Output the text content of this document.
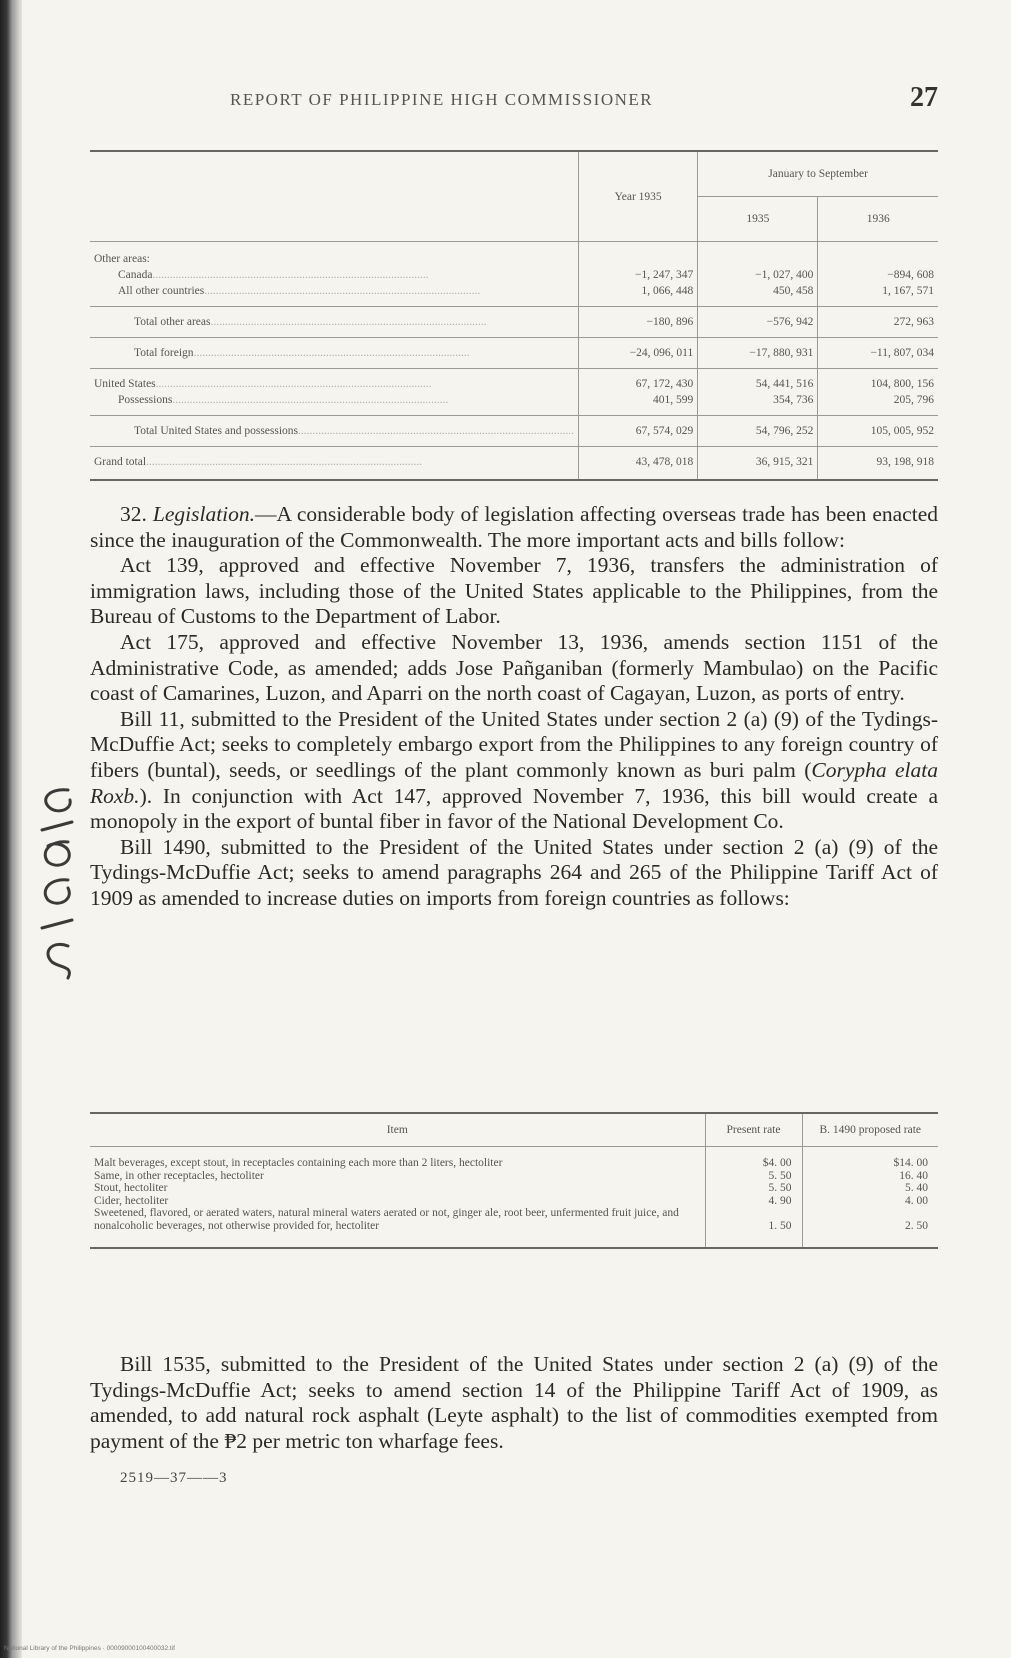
REPORT OF PHILIPPINE HIGH COMMISSIONER	27
	Year 1935	January to September	
		1935	1936
Other areas:			
Canada................................................................................................	−1, 247, 347	−1, 027, 400	−894, 608
All other countries................................................................................................	1, 066, 448	450, 458	1, 167, 571
Total other areas................................................................................................	−180, 896	−576, 942	272, 963
Total foreign................................................................................................	−24, 096, 011	−17, 880, 931	−11, 807, 034
United States................................................................................................	67, 172, 430	54, 441, 516	104, 800, 156
Possessions................................................................................................	401, 599	354, 736	205, 796
Total United States and possessions................................................................................................	67, 574, 029	54, 796, 252	105, 005, 952
Grand total................................................................................................	43, 478, 018	36, 915, 321	93, 198, 918

32. Legislation.—A considerable body of legislation affecting overseas trade has been enacted since the inauguration of the Commonwealth. The more important acts and bills follow:

Act 139, approved and effective November 7, 1936, transfers the administration of immigration laws, including those of the United States applicable to the Philippines, from the Bureau of Customs to the Department of Labor.

Act 175, approved and effective November 13, 1936, amends section 1151 of the Administrative Code, as amended; adds Jose Pañganiban (formerly Mambulao) on the Pacific coast of Camarines, Luzon, and Aparri on the north coast of Cagayan, Luzon, as ports of entry.

Bill 11, submitted to the President of the United States under section 2 (a) (9) of the Tydings-McDuffie Act; seeks to completely embargo export from the Philippines to any foreign country of fibers (buntal), seeds, or seedlings of the plant commonly known as buri palm (Corypha elata Roxb.). In conjunction with Act 147, approved November 7, 1936, this bill would create a monopoly in the export of buntal fiber in favor of the National Development Co.

Bill 1490, submitted to the President of the United States under section 2 (a) (9) of the Tydings-McDuffie Act; seeks to amend paragraphs 264 and 265 of the Philippine Tariff Act of 1909 as amended to increase duties on imports from foreign countries as follows:

Item	Present rate	B. 1490 proposed rate
Malt beverages, except stout, in receptacles containing each more than 2 liters, hectoliter	$4. 00	$14. 00
Same, in other receptacles, hectoliter	5. 50	16. 40
Stout, hectoliter	5. 50	5. 40
Cider, hectoliter	4. 90	4. 00
Sweetened, flavored, or aerated waters, natural mineral waters aerated or not, ginger ale, root beer, unfermented fruit juice, and nonalcoholic beverages, not otherwise provided for, hectoliter	1. 50	2. 50

Bill 1535, submitted to the President of the United States under section 2 (a) (9) of the Tydings-McDuffie Act; seeks to amend section 14 of the Philippine Tariff Act of 1909, as amended, to add natural rock asphalt (Leyte asphalt) to the list of commodities exempted from payment of the ₱2 per metric ton wharfage fees.

2519—37——3
National Library of the Philippines · 00009000100400032.tif
